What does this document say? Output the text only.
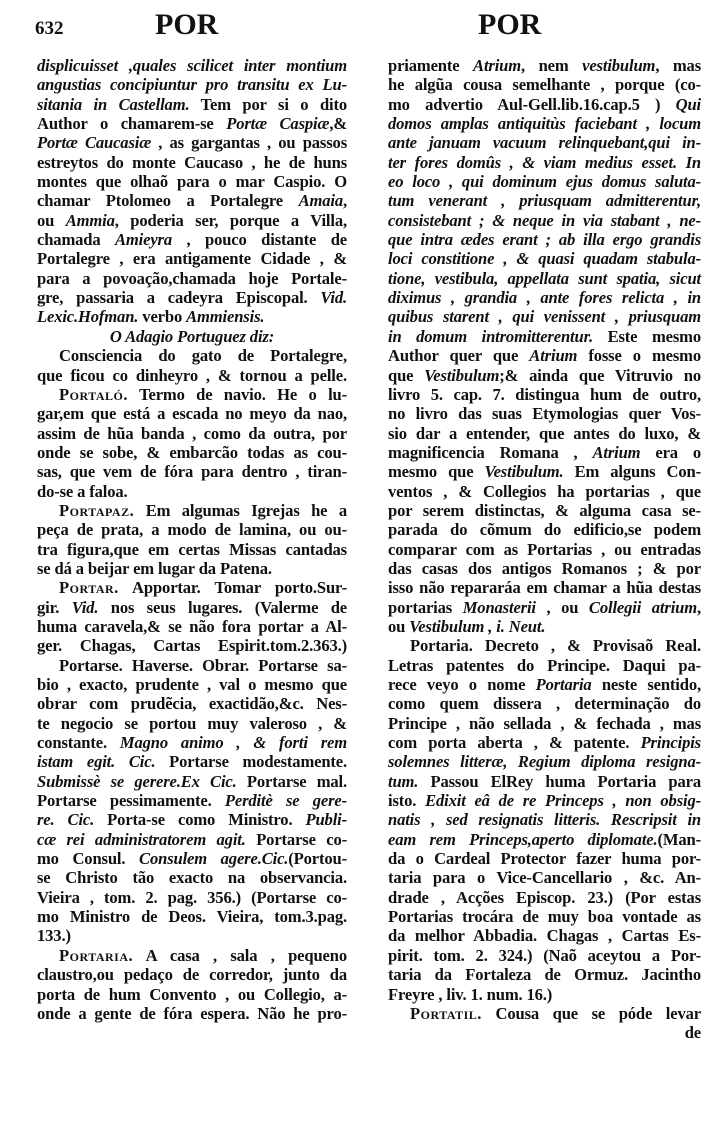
632	POR	POR
displicuisset ,quales scilicet inter montium
angustias concipiuntur pro transitu ex Lu-
sitania in Castellam. Tem por si o dito
Author o chamarem-se Portæ Caspiæ,&
Portæ Caucasiæ , as gargantas , ou passos
estreytos do monte Caucaso , he de huns
montes que olhaõ para o mar Caspio. O
chamar Ptolomeo a Portalegre Amaia,
ou Ammia, poderia ser, porque a Villa,
chamada Amieyra , pouco distante de
Portalegre , era antigamente Cidade , &
para a povoação,chamada hoje Portale-
gre, passaria a cadeyra Episcopal. Vid.
Lexic.Hofman. verbo Ammiensis.
O Adagio Portuguez diz:
Consciencia do gato de Portalegre,
que ficou co dinheyro , & tornou a pelle.
Portaló. Termo de navio. He o lu-
gar,em que está a escada no meyo da nao,
assim de hũa banda , como da outra, por
onde se sobe, & embarcão todas as cou-
sas, que vem de fóra para dentro , tiran-
do-se a faloa.
Portapaz. Em algumas Igrejas he a
peça de prata, a modo de lamina, ou ou-
tra figura,que em certas Missas cantadas
se dá a beijar em lugar da Patena.
Portar. Apportar. Tomar porto.Sur-
gir. Vid. nos seus lugares. (Valerme de
huma caravela,& se não fora portar a Al-
ger. Chagas, Cartas Espirit.tom.2.363.)
Portarse. Haverse. Obrar. Portarse sa-
bio , exacto, prudente , val o mesmo que
obrar com prudẽcia, exactidão,&c. Nes-
te negocio se portou muy valeroso , &
constante. Magno animo , & forti rem
istam egit. Cic. Portarse modestamente.
Submissè se gerere.Ex Cic. Portarse mal.
Portarse pessimamente. Perditè se gere-
re. Cic. Porta-se como Ministro. Publi-
cæ rei administratorem agit. Portarse co-
mo Consul. Consulem agere.Cic.(Portou-
se Christo tão exacto na observancia.
Vieira , tom. 2. pag. 356.) (Portarse co-
mo Ministro de Deos. Vieira, tom.3.pag.
133.)
Portaria. A casa , sala , pequeno
claustro,ou pedaço de corredor, junto da
porta de hum Convento , ou Collegio, a-
onde a gente de fóra espera. Não he pro-
priamente Atrium, nem vestibulum, mas
he algũa cousa semelhante , porque (co-
mo advertio Aul-Gell.lib.16.cap.5 ) Qui
domos amplas antiquitùs faciebant , locum
ante januam vacuum relinquebant,qui in-
ter fores domûs , & viam medius esset. In
eo loco , qui dominum ejus domus saluta-
tum venerant , priusquam admitterentur,
consistebant ; & neque in via stabant , ne-
que intra ædes erant ; ab illa ergo grandis
loci constitione , & quasi quadam stabula-
tione, vestibula, appellata sunt spatia, sicut
diximus , grandia , ante fores relicta , in
quibus starent , qui venissent , priusquam
in domum intromitterentur. Este mesmo
Author quer que Atrium fosse o mesmo
que Vestibulum;& ainda que Vitruvio no
livro 5. cap. 7. distingua hum de outro,
no livro das suas Etymologias quer Vos-
sio dar a entender, que antes do luxo, &
magnificencia Romana , Atrium era o
mesmo que Vestibulum. Em alguns Con-
ventos , & Collegios ha portarias , que
por serem distinctas, & alguma casa se-
parada do cõmum do edificio,se podem
comparar com as Portarias , ou entradas
das casas dos antigos Romanos ; & por
isso não repararáa em chamar a hũa destas
portarias Monasterii , ou Collegii atrium,
ou Vestibulum , i. Neut.
Portaria. Decreto , & Provisaõ Real.
Letras patentes do Principe. Daqui pa-
rece veyo o nome Portaria neste sentido,
como quem dissera , determinação do
Principe , não sellada , & fechada , mas
com porta aberta , & patente. Principis
solemnes litteræ, Regium diploma resigna-
tum. Passou ElRey huma Portaria para
isto. Edixit eâ de re Princeps , non obsig-
natis , sed resignatis litteris. Rescripsit in
eam rem Princeps,aperto diplomate.(Man-
da o Cardeal Protector fazer huma por-
taria para o Vice-Cancellario , &c. An-
drade , Acções Episcop. 23.) (Por estas
Portarias trocára de muy boa vontade as
da melhor Abbadia. Chagas , Cartas Es-
pirit. tom. 2. 324.) (Naõ aceytou a Por-
taria da Fortaleza de Ormuz. Jacintho
Freyre , liv. 1. num. 16.)
Portatil. Cousa que se póde levar
de
